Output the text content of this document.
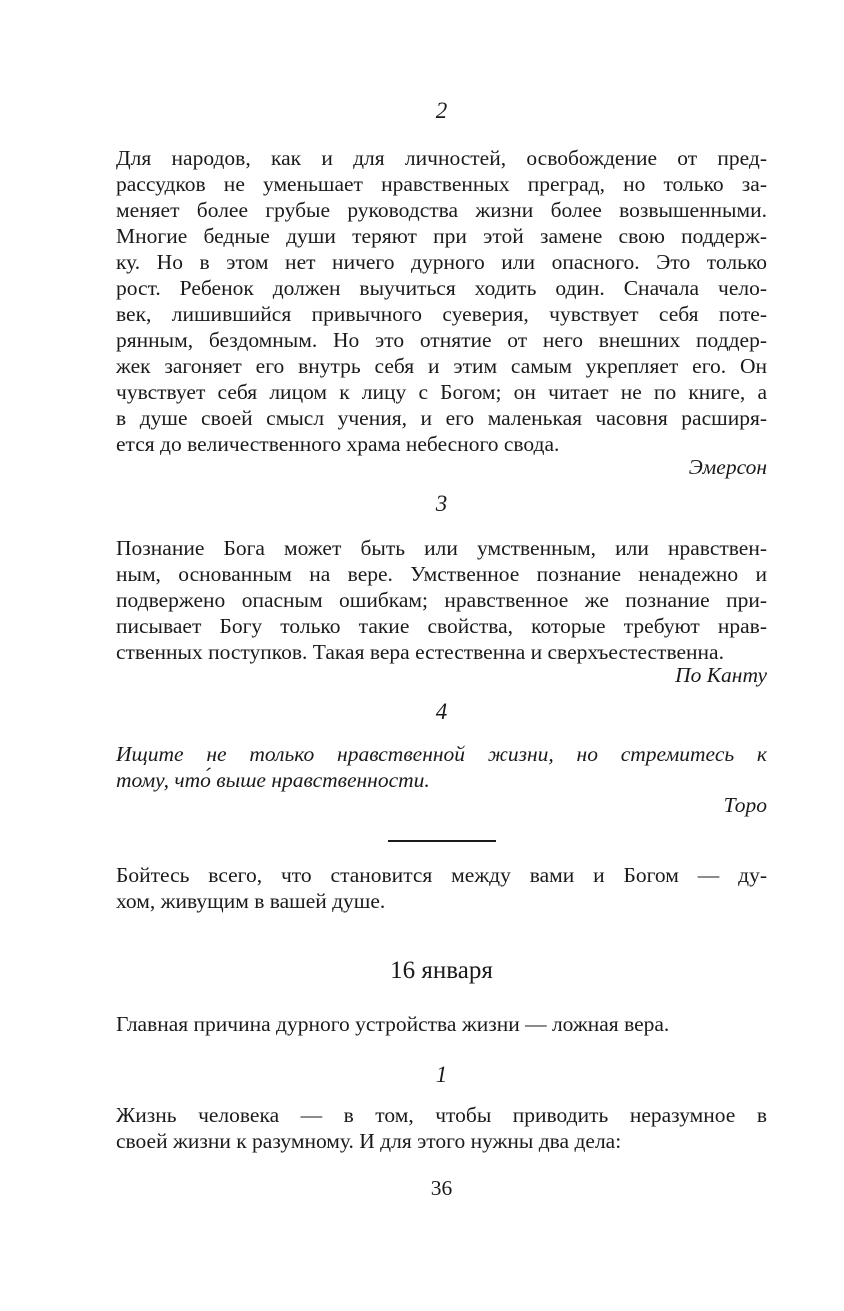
2

Для народов, как и для личностей, освобождение от пред-
рассудков не уменьшает нравственных преград, но только за-
меняет более грубые руководства жизни более возвышенными.
Многие бедные души теряют при этой замене свою поддерж-
ку. Но в этом нет ничего дурного или опасного. Это только
рост. Ребенок должен выучиться ходить один. Сначала чело-
век, лишившийся привычного суеверия, чувствует себя поте-
рянным, бездомным. Но это отнятие от него внешних поддер-
жек загоняет его внутрь себя и этим самым укрепляет его. Он
чувствует себя лицом к лицу с Богом; он читает не по книге, а
в душе своей смысл учения, и его маленькая часовня расширя-
ется до величественного храма небесного свода.

Эмерсон

3

Познание Бога может быть или умственным, или нравствен-
ным, основанным на вере. Умственное познание ненадежно и
подвержено опасным ошибкам; нравственное же познание при-
писывает Богу только такие свойства, которые требуют нрав-
ственных поступков. Такая вера естественна и сверхъестественна.

По Канту

4

Ищите не только нравственной жизни, но стремитесь к
тому, что́ выше нравственности.

Торо

Бойтесь всего, что становится между вами и Богом — ду-
хом, живущим в вашей душе.

16 января

Главная причина дурного устройства жизни — ложная вера.

1

Жизнь человека — в том, чтобы приводить неразумное в
своей жизни к разумному. И для этого нужны два дела:

36
